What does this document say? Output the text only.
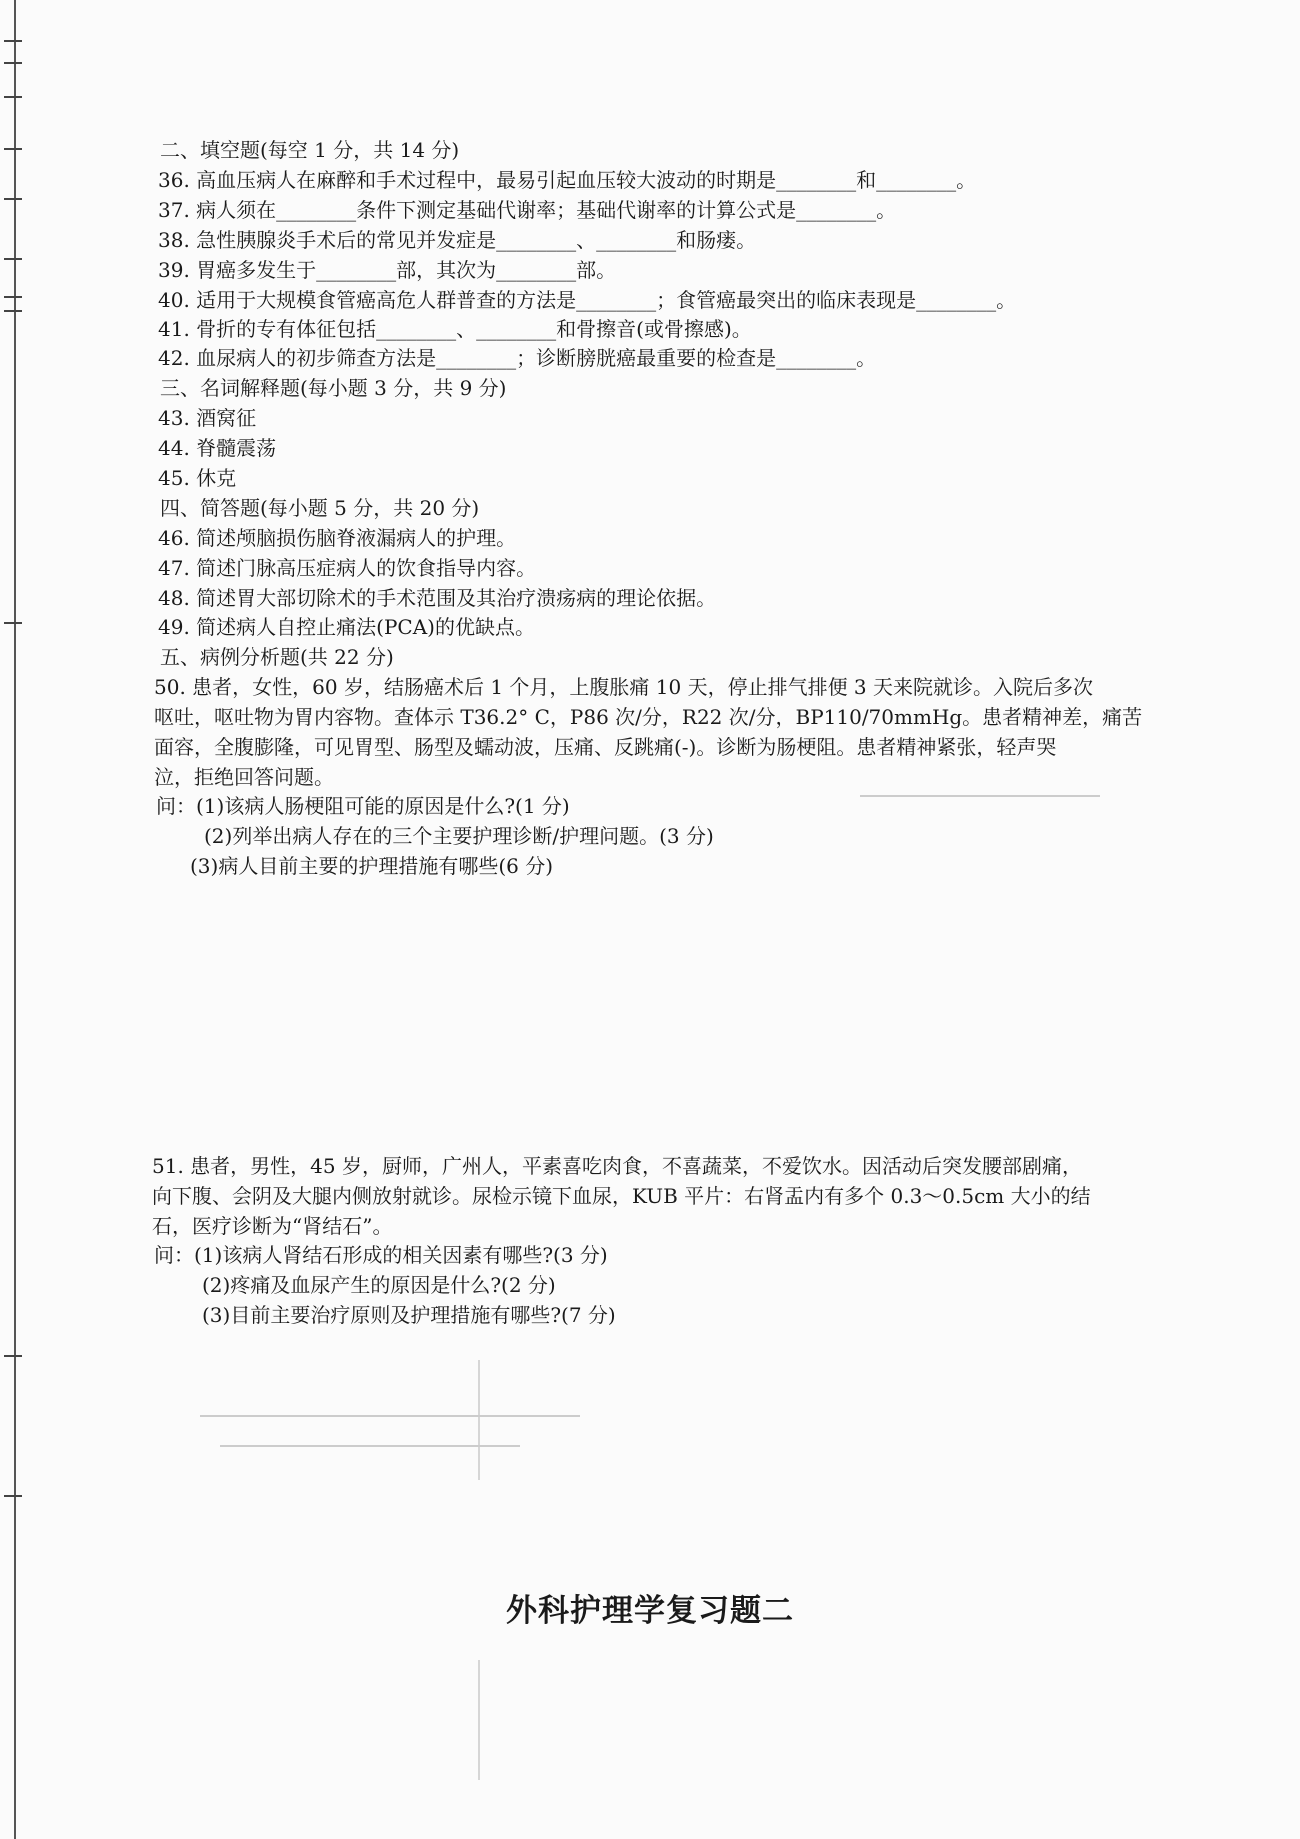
二、填空题(每空 1 分，共 14 分)
36. 高血压病人在麻醉和手术过程中，最易引起血压较大波动的时期是________和________。
37. 病人须在________条件下测定基础代谢率；基础代谢率的计算公式是________。
38. 急性胰腺炎手术后的常见并发症是________、________和肠瘘。
39. 胃癌多发生于________部，其次为________部。
40. 适用于大规模食管癌高危人群普查的方法是________；食管癌最突出的临床表现是________。
41. 骨折的专有体征包括________、________和骨擦音(或骨擦感)。
42. 血尿病人的初步筛查方法是________；诊断膀胱癌最重要的检查是________。
三、名词解释题(每小题 3 分，共 9 分)
43. 酒窝征
44. 脊髓震荡
45. 休克
四、简答题(每小题 5 分，共 20 分)
46. 简述颅脑损伤脑脊液漏病人的护理。
47. 简述门脉高压症病人的饮食指导内容。
48. 简述胃大部切除术的手术范围及其治疗溃疡病的理论依据。
49. 简述病人自控止痛法(PCA)的优缺点。
五、病例分析题(共 22 分)
50. 患者，女性，60 岁，结肠癌术后 1 个月，上腹胀痛 10 天，停止排气排便 3 天来院就诊。入院后多次
呕吐，呕吐物为胃内容物。查体示 T36.2° C，P86 次/分，R22 次/分，BP110/70mmHg。患者精神差，痛苦
面容，全腹膨隆，可见胃型、肠型及蠕动波，压痛、反跳痛(-)。诊断为肠梗阻。患者精神紧张，轻声哭
泣，拒绝回答问题。
问：(1)该病人肠梗阻可能的原因是什么?(1 分)
(2)列举出病人存在的三个主要护理诊断/护理问题。(3 分)
(3)病人目前主要的护理措施有哪些(6 分)
51. 患者，男性，45 岁，厨师，广州人，平素喜吃肉食，不喜蔬菜，不爱饮水。因活动后突发腰部剧痛，
向下腹、会阴及大腿内侧放射就诊。尿检示镜下血尿，KUB 平片：右肾盂内有多个 0.3～0.5cm 大小的结
石，医疗诊断为“肾结石”。
问：(1)该病人肾结石形成的相关因素有哪些?(3 分)
(2)疼痛及血尿产生的原因是什么?(2 分)
(3)目前主要治疗原则及护理措施有哪些?(7 分)
外科护理学复习题二
